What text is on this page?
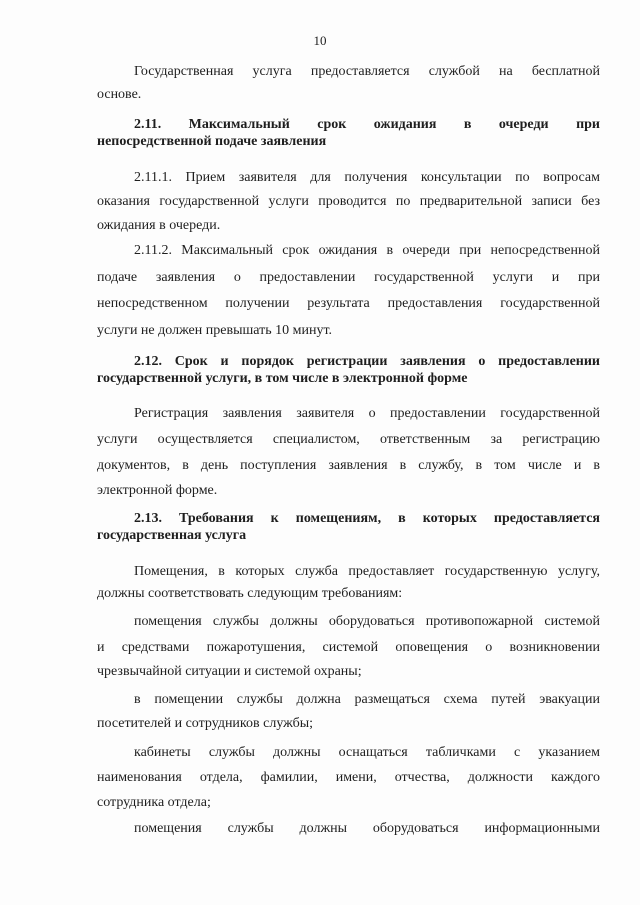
10
Государственная услуга предоставляется службой на бесплатной
основе.
2.11. Максимальный срок ожидания в очереди при
непосредственной подаче заявления
2.11.1. Прием заявителя для получения консультации по вопросам
оказания государственной услуги проводится по предварительной записи без
ожидания в очереди.
2.11.2. Максимальный срок ожидания в очереди при непосредственной
подаче заявления о предоставлении государственной услуги и при
непосредственном получении результата предоставления государственной
услуги не должен превышать 10 минут.
2.12. Срок и порядок регистрации заявления о предоставлении
государственной услуги, в том числе в электронной форме
Регистрация заявления заявителя о предоставлении государственной
услуги осуществляется специалистом, ответственным за регистрацию
документов, в день поступления заявления в службу, в том числе и в
электронной форме.
2.13. Требования к помещениям, в которых предоставляется
государственная услуга
Помещения, в которых служба предоставляет государственную услугу,
должны соответствовать следующим требованиям:
помещения службы должны оборудоваться противопожарной системой
и средствами пожаротушения, системой оповещения о возникновении
чрезвычайной ситуации и системой охраны;
в помещении службы должна размещаться схема путей эвакуации
посетителей и сотрудников службы;
кабинеты службы должны оснащаться табличками с указанием
наименования отдела, фамилии, имени, отчества, должности каждого
сотрудника отдела;
помещения службы должны оборудоваться информационными
